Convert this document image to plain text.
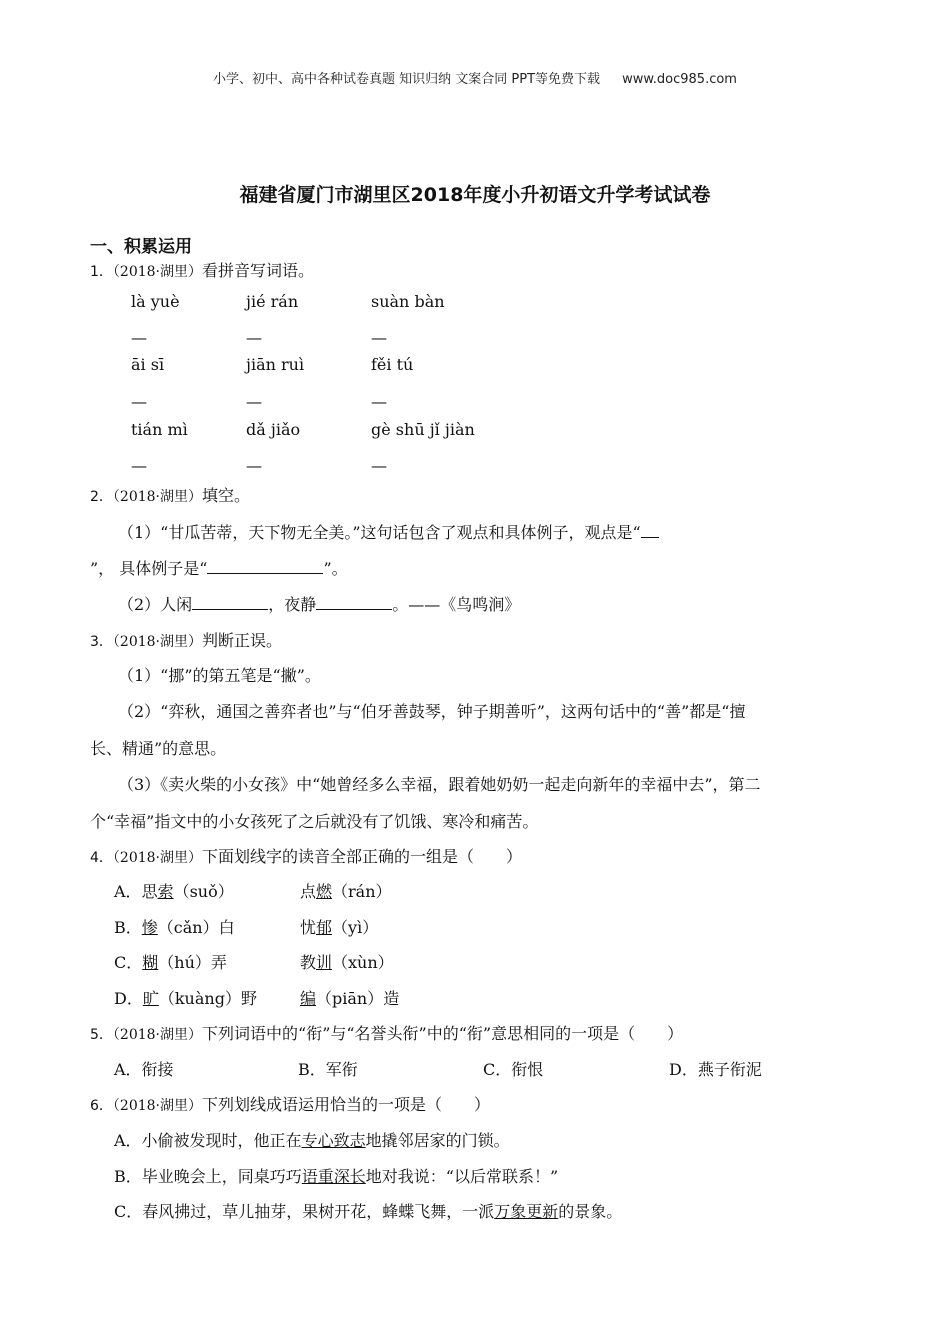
小学、初中、高中各种试卷真题 知识归纳 文案合同 PPT等免费下载 www.doc985.com
福建省厦门市湖里区2018年度小升初语文升学考试试卷
一、积累运用
1．（2018·湖里）看拼音写词语。
là yuè	jié rán	suàn bàn
—	—	—
āi sī	jiān ruì	fěi tú
—	—	—
tián mì	dǎ jiǎo	gè shū jǐ jiàn
—	—	—
2．（2018·湖里）填空。
（1）“甘瓜苦蒂，天下物无全美。”这句话包含了观点和具体例子，观点是“
”， 具体例子是“	”。
（2）人闲	，夜静	。——《鸟鸣涧》
3．（2018·湖里）判断正误。
（1）“挪”的第五笔是“撇”。
（2）“弈秋，通国之善弈者也”与“伯牙善鼓琴，钟子期善听”，这两句话中的“善”都是“擅
长、精通”的意思。
（3）《卖火柴的小女孩》中“她曾经多么幸福，跟着她奶奶一起走向新年的幸福中去”，第二
个“幸福”指文中的小女孩死了之后就没有了饥饿、寒冷和痛苦。
4．（2018·湖里）下面划线字的读音全部正确的一组是（　　）
A．思索（suǒ）	点燃（rán）
B．惨（cǎn）白	忧郁（yì）
C．糊（hú）弄	教训（xùn）
D．旷（kuàng）野	编（piān）造
5．（2018·湖里）下列词语中的“衔”与“名誉头衔”中的“衔”意思相同的一项是（　　）
A．衔接	B．军衔	C．衔恨	D．燕子衔泥
6．（2018·湖里）下列划线成语运用恰当的一项是（　　）
A．小偷被发现时，他正在专心致志地撬邻居家的门锁。
B．毕业晚会上，同桌巧巧语重深长地对我说：“以后常联系！”
C．春风拂过，草儿抽芽，果树开花，蜂蝶飞舞，一派万象更新的景象。
